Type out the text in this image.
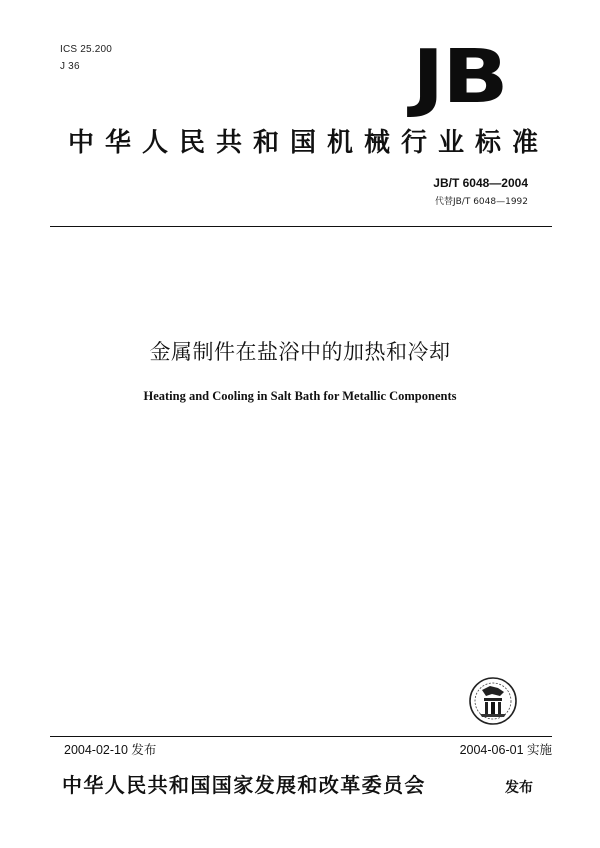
ICS 25.200
J 36	JB
中华人民共和国机械行业标准
JB/T 6048—2004
代替JB/T 6048—1992
金属制件在盐浴中的加热和冷却
Heating and Cooling in Salt Bath for Metallic Components
2004-02-10 发布	2004-06-01 实施
中华人民共和国国家发展和改革委员会	发布
